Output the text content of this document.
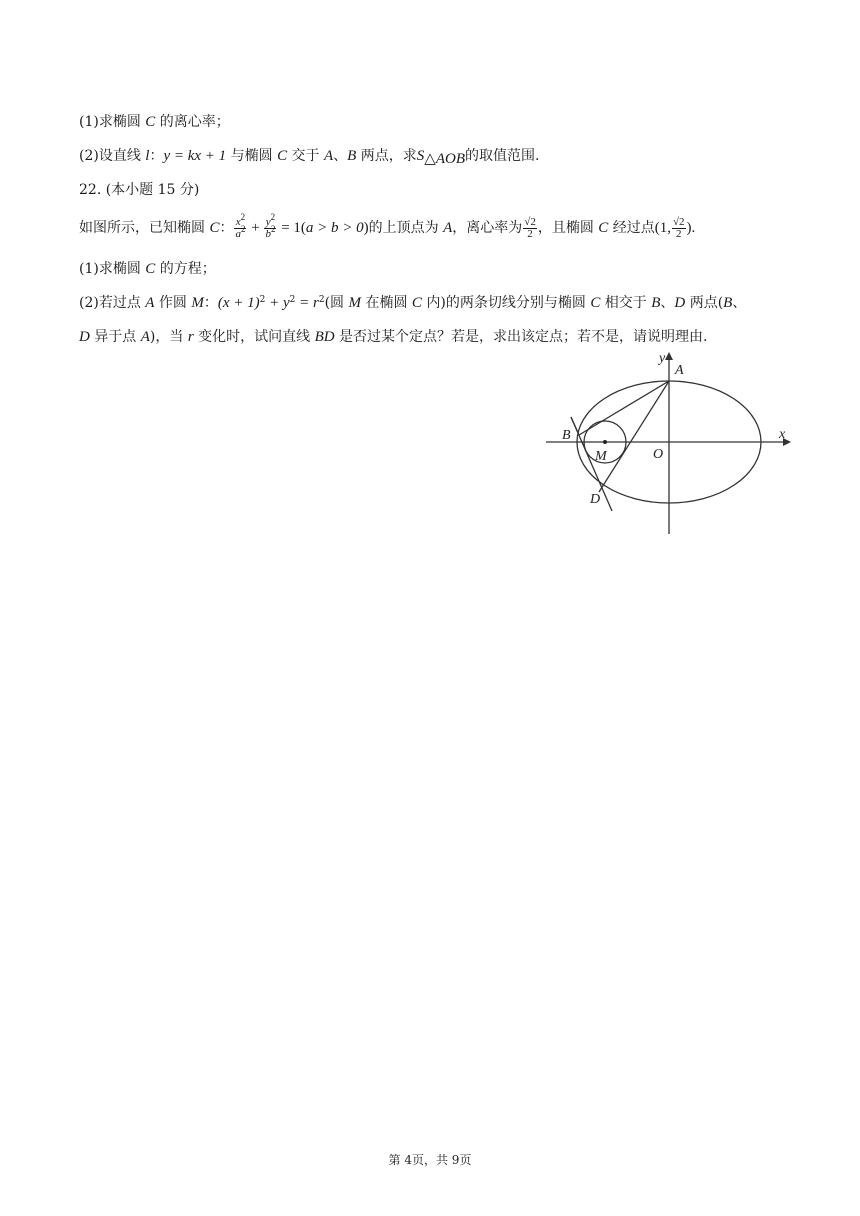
(1)求椭圆 C 的离心率；
(2)设直线 l：y = kx + 1 与椭圆 C 交于 A、B 两点，求$S_{\triangle AOB}$的取值范围.
22. (本小题 15 分)
如图所示，已知椭圆 C： $\frac{x^2}{a^2} + \frac{y^2}{b^2} = 1(a > b > 0)$的上顶点为 A，离心率为 $\frac{√2}{2}$ ，且椭圆 C 经过点(1, $\frac{√2}{2}$ ).
(1)求椭圆 C 的方程；
(2)若过点 A 作圆 M：$(x + 1)^2 + y^2 = r^2$(圆 M 在椭圆 C 内)的两条切线分别与椭圆 C 相交于 B、D 两点(B、
D 异于点 A)，当 r 变化时，试问直线 BD 是否过某个定点？若是，求出该定点；若不是，请说明理由.
y
A
B
M	O
x
D
第 4页，共 9页
